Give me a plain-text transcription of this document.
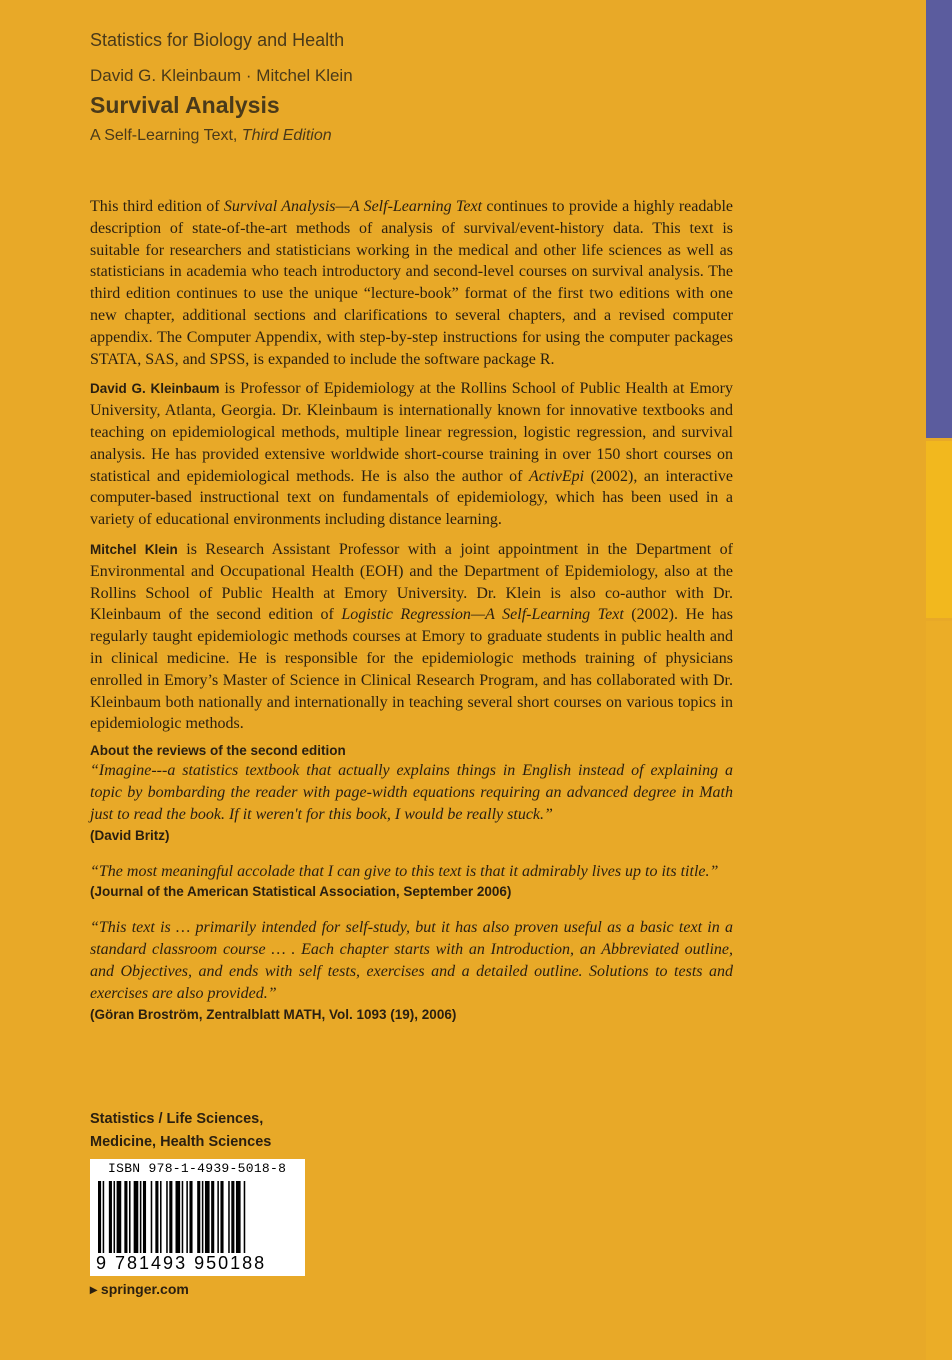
Statistics for Biology and Health
David G. Kleinbaum · Mitchel Klein
Survival Analysis
A Self-Learning Text, Third Edition

This third edition of Survival Analysis—A Self-Learning Text continues to provide a highly readable description of state-of-the-art methods of analysis of survival/event-history data. This text is suitable for researchers and statisticians working in the medical and other life sciences as well as statisticians in academia who teach introductory and second-level courses on survival analysis. The third edition continues to use the unique “lecture-book” format of the first two editions with one new chapter, additional sections and clarifications to several chapters, and a revised computer appendix. The Computer Appendix, with step-by-step instructions for using the computer packages STATA, SAS, and SPSS, is expanded to include the software package R.

David G. Kleinbaum is Professor of Epidemiology at the Rollins School of Public Health at Emory University, Atlanta, Georgia. Dr. Kleinbaum is internationally known for innovative textbooks and teaching on epidemiological methods, multiple linear regression, logistic regression, and survival analysis. He has provided extensive worldwide short-course training in over 150 short courses on statistical and epidemiological methods. He is also the author of ActivEpi (2002), an interactive computer-based instructional text on fundamentals of epidemiology, which has been used in a variety of educational environments including distance learning.

Mitchel Klein is Research Assistant Professor with a joint appointment in the Department of Environmental and Occupational Health (EOH) and the Department of Epidemiology, also at the Rollins School of Public Health at Emory University. Dr. Klein is also co-author with Dr. Kleinbaum of the second edition of Logistic Regression—A Self-Learning Text (2002). He has regularly taught epidemiologic methods courses at Emory to graduate students in public health and in clinical medicine. He is responsible for the epidemiologic methods training of physicians enrolled in Emory’s Master of Science in Clinical Research Program, and has collaborated with Dr. Kleinbaum both nationally and internationally in teaching several short courses on various topics in epidemiologic methods.

About the reviews of the second edition

“Imagine---a statistics textbook that actually explains things in English instead of explaining a topic by bombarding the reader with page-width equations requiring an advanced degree in Math just to read the book. If it weren't for this book, I would be really stuck.”

(David Britz)

“The most meaningful accolade that I can give to this text is that it admirably lives up to its title.”

(Journal of the American Statistical Association, September 2006)

“This text is … primarily intended for self-study, but it has also proven useful as a basic text in a standard classroom course … . Each chapter starts with an Introduction, an Abbreviated outline, and Objectives, and ends with self tests, exercises and a detailed outline. Solutions to tests and exercises are also provided.”

(Göran Broström, Zentralblatt MATH, Vol. 1093 (19), 2006)
Statistics / Life Sciences,
Medicine, Health Sciences
ISBN 978-1-4939-5018-8
9 781493 950188
▸ springer.com
